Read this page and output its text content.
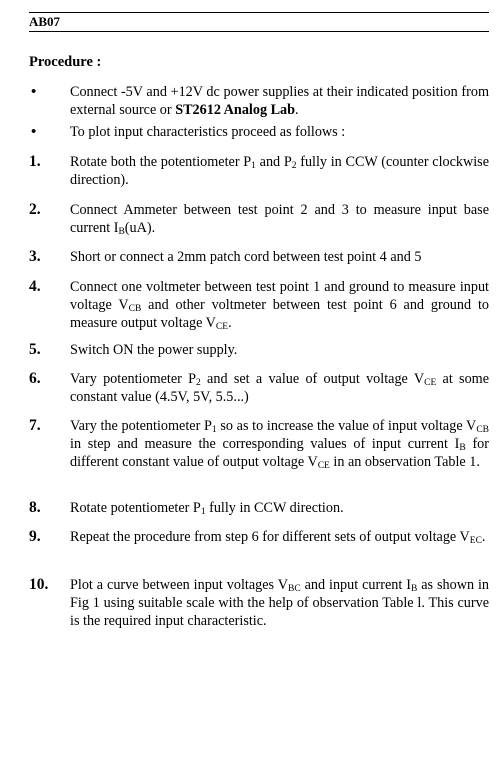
AB07
Procedure :
• Connect -5V and +12V dc power supplies at their indicated position from external source or ST2612 Analog Lab.
• To plot input characteristics proceed as follows :
1. Rotate both the potentiometer $P_1$ and $P_2$ fully in CCW (counter clockwise direction).
2. Connect Ammeter between test point 2 and 3 to measure input base current $I_B(uA)$.
3. Short or connect a 2mm patch cord between test point 4 and 5
4. Connect one voltmeter between test point 1 and ground to measure input voltage $V_{CB}$ and other voltmeter between test point 6 and ground to measure output voltage $V_{CE}$.
5. Switch ON the power supply.
6. Vary potentiometer $P_2$ and set a value of output voltage $V_{CE}$ at some constant value (4.5V, 5V, 5.5...)
7. Vary the potentiometer $P_1$ so as to increase the value of input voltage $V_{CB}$ in step and measure the corresponding values of input current $I_B$ for different constant value of output voltage $V_{CE}$ in an observation Table 1.
8. Rotate potentiometer $P_1$ fully in CCW direction.
9. Repeat the procedure from step 6 for different sets of output voltage $V_{EC}$.
10. Plot a curve between input voltages $V_{BC}$ and input current $I_B$ as shown in Fig 1 using suitable scale with the help of observation Table l. This curve is the required input characteristic.
